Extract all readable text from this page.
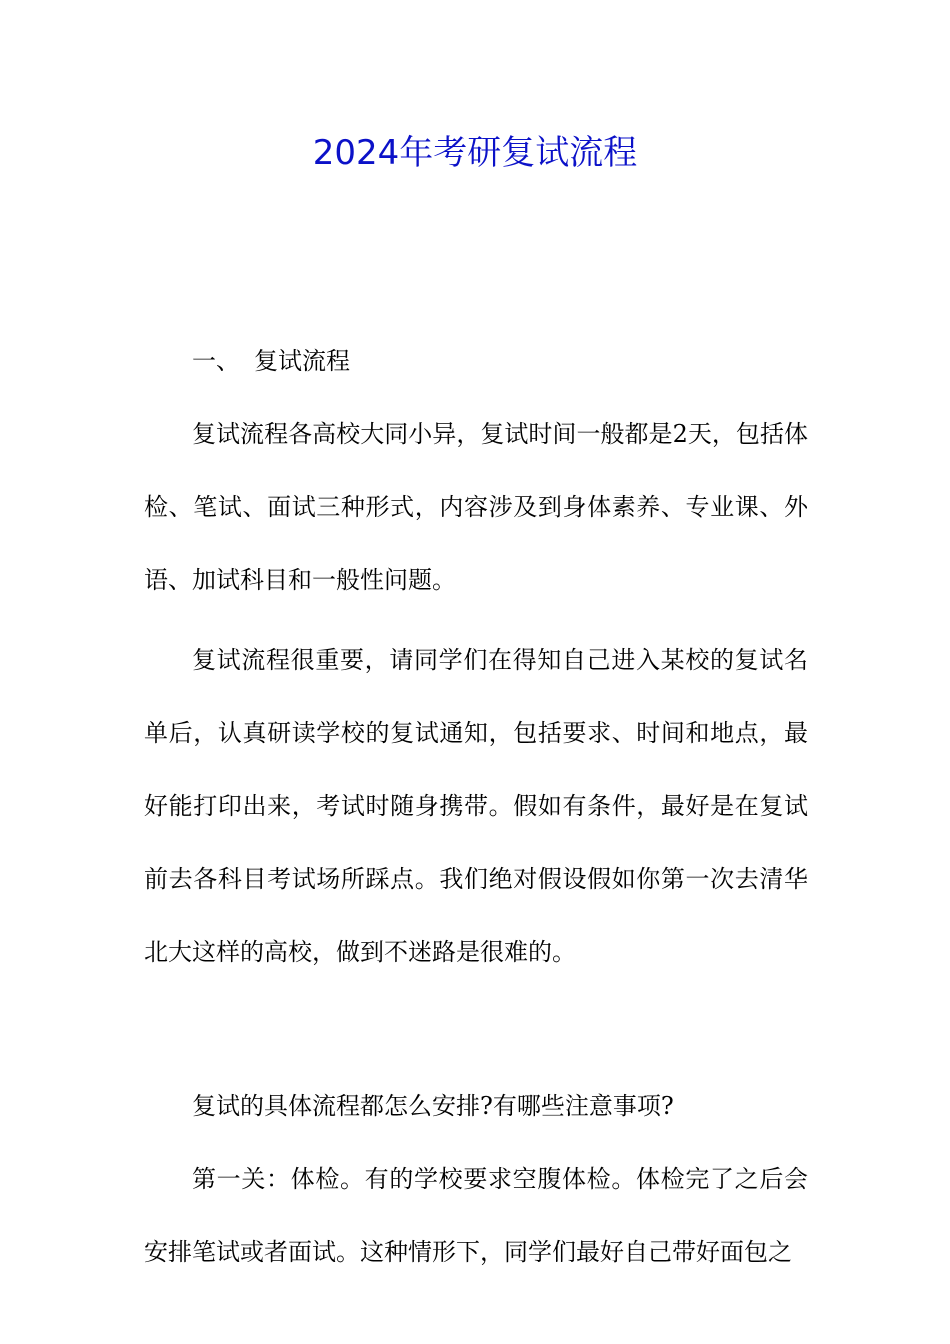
2024年考研复试流程
一、 复试流程

复试流程各高校大同小异，复试时间一般都是2天，包括体检、笔试、面试三种形式，内容涉及到身体素养、专业课、外语、加试科目和一般性问题。

复试流程很重要，请同学们在得知自己进入某校的复试名单后，认真研读学校的复试通知，包括要求、时间和地点，最好能打印出来，考试时随身携带。假如有条件，最好是在复试前去各科目考试场所踩点。我们绝对假设假如你第一次去清华北大这样的高校，做到不迷路是很难的。

复试的具体流程都怎么安排?有哪些注意事项?

第一关：体检。有的学校要求空腹体检。体检完了之后会安排笔试或者面试。这种情形下，同学们最好自己带好面包之
